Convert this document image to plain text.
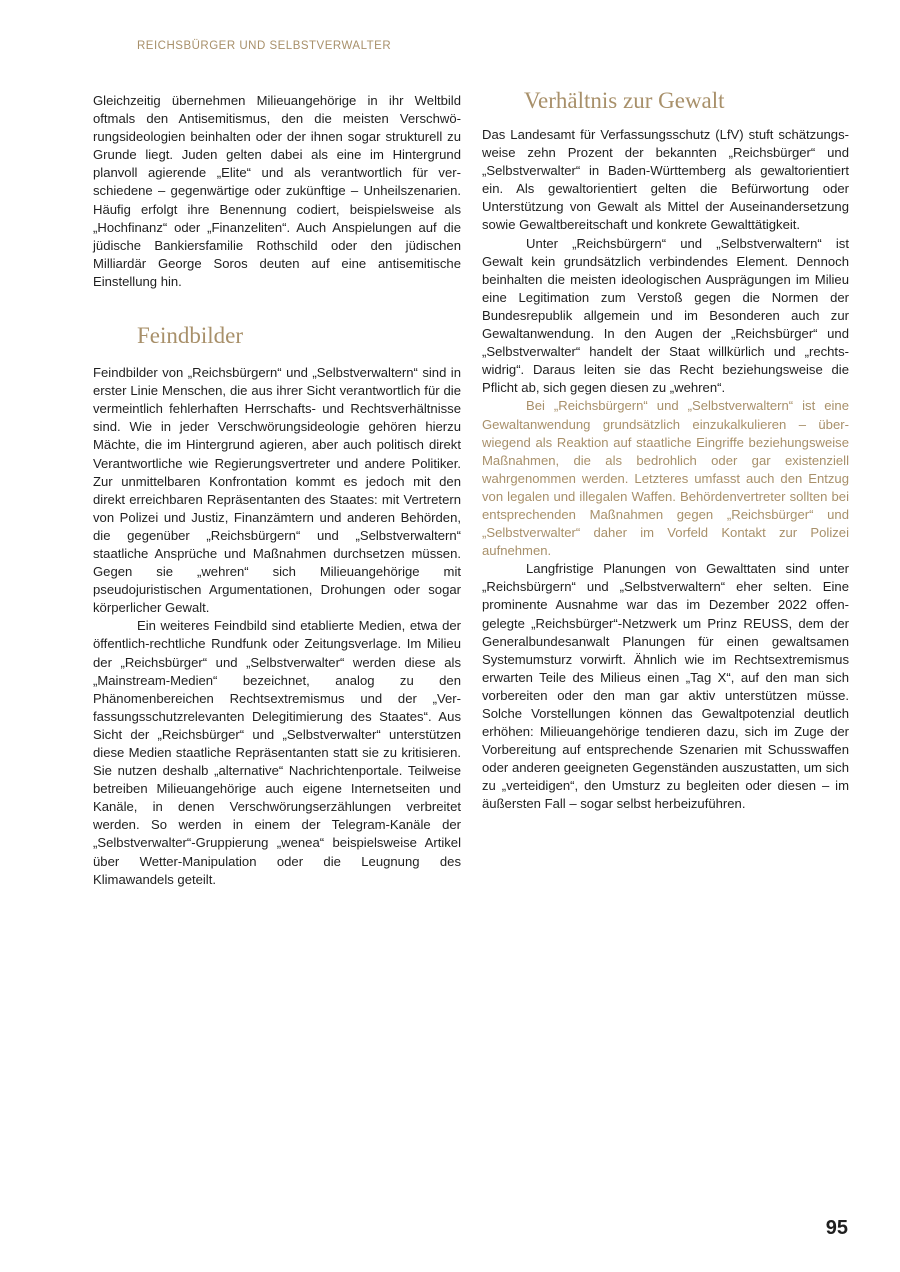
REICHSBÜRGER UND SELBSTVERWALTER

Gleichzeitig übernehmen Milieuangehörige in ihr Weltbild oftmals den Antisemitismus, den die meisten Verschwörungsideologien beinhalten oder der ihnen sogar strukturell zu Grunde liegt. Juden gelten dabei als eine im Hintergrund planvoll agierende „Elite“ und als verantwortlich für verschiedene – gegenwärtige oder zukünftige – Unheilszenarien. Häufig erfolgt ihre Benennung codiert, beispielsweise als „Hochfinanz“ oder „Finanzeliten“. Auch Anspielungen auf die jüdische Bankiersfamilie Rothschild oder den jüdischen Milliardär George Soros deuten auf eine antisemitische Einstellung hin.

Feindbilder

Feindbilder von „Reichsbürgern“ und „Selbstverwaltern“ sind in erster Linie Menschen, die aus ihrer Sicht verantwortlich für die vermeintlich fehlerhaften Herrschafts- und Rechtsverhältnisse sind. Wie in jeder Verschwörungsideologie gehören hierzu Mächte, die im Hintergrund agieren, aber auch politisch direkt Verantwortliche wie Regierungsvertreter und andere Politiker. Zur unmittelbaren Konfrontation kommt es jedoch mit den direkt erreichbaren Repräsentanten des Staates: mit Vertretern von Polizei und Justiz, Finanzämtern und anderen Behörden, die gegenüber „Reichsbürgern“ und „Selbstverwaltern“ staatliche Ansprüche und Maßnahmen durchsetzen müssen. Gegen sie „wehren“ sich Milieuangehörige mit pseudojuristischen Argumentationen, Drohungen oder sogar körperlicher Gewalt.

Ein weiteres Feindbild sind etablierte Medien, etwa der öffentlich-rechtliche Rundfunk oder Zeitungsverlage. Im Milieu der „Reichsbürger“ und „Selbstverwalter“ werden diese als „Mainstream-Medien“ bezeichnet, analog zu den Phänomenbereichen Rechtsextremismus und der „Verfassungsschutzrelevanten Delegitimierung des Staates“. Aus Sicht der „Reichsbürger“ und „Selbstverwalter“ unterstützen diese Medien staatliche Repräsentanten statt sie zu kritisieren. Sie nutzen deshalb „alternative“ Nachrichtenportale. Teilweise betreiben Milieuangehörige auch eigene Internetseiten und Kanäle, in denen Verschwörungserzählungen verbreitet werden. So werden in einem der Telegram-Kanäle der „Selbstverwalter“-Gruppierung „wenea“ beispielsweise Artikel über Wetter-Manipulation oder die Leugnung des Klimawandels geteilt.

Verhältnis zur Gewalt

Das Landesamt für Verfassungsschutz (LfV) stuft schätzungsweise zehn Prozent der bekannten „Reichsbürger“ und „Selbstverwalter“ in Baden-Württemberg als gewaltorientiert ein. Als gewaltorientiert gelten die Befürwortung oder Unterstützung von Gewalt als Mittel der Auseinandersetzung sowie Gewaltbereitschaft und konkrete Gewalttätigkeit.

Unter „Reichsbürgern“ und „Selbstverwaltern“ ist Gewalt kein grundsätzlich verbindendes Element. Dennoch beinhalten die meisten ideologischen Ausprägungen im Milieu eine Legitimation zum Verstoß gegen die Normen der Bundesrepublik allgemein und im Besonderen auch zur Gewaltanwendung. In den Augen der „Reichsbürger“ und „Selbstverwalter“ handelt der Staat willkürlich und „rechtswidrig“. Daraus leiten sie das Recht beziehungsweise die Pflicht ab, sich gegen diesen zu „wehren“.

Bei „Reichsbürgern“ und „Selbstverwaltern“ ist eine Gewaltanwendung grundsätzlich einzukalkulieren – überwiegend als Reaktion auf staatliche Eingriffe beziehungsweise Maßnahmen, die als bedrohlich oder gar existenziell wahrgenommen werden. Letzteres umfasst auch den Entzug von legalen und illegalen Waffen. Behördenvertreter sollten bei entsprechenden Maßnahmen gegen „Reichsbürger“ und „Selbstverwalter“ daher im Vorfeld Kontakt zur Polizei aufnehmen.

Langfristige Planungen von Gewalttaten sind unter „Reichsbürgern“ und „Selbstverwaltern“ eher selten. Eine prominente Ausnahme war das im Dezember 2022 offengelegte „Reichsbürger“-Netzwerk um Prinz REUSS, dem der Generalbundesanwalt Planungen für einen gewaltsamen Systemumsturz vorwirft. Ähnlich wie im Rechtsextremismus erwarten Teile des Milieus einen „Tag X“, auf den man sich vorbereiten oder den man gar aktiv unterstützen müsse. Solche Vorstellungen können das Gewaltpotenzial deutlich erhöhen: Milieuangehörige tendieren dazu, sich im Zuge der Vorbereitung auf entsprechende Szenarien mit Schusswaffen oder anderen geeigneten Gegenständen auszustatten, um sich zu „verteidigen“, den Umsturz zu begleiten oder diesen – im äußersten Fall – sogar selbst herbeizuführen.

95
